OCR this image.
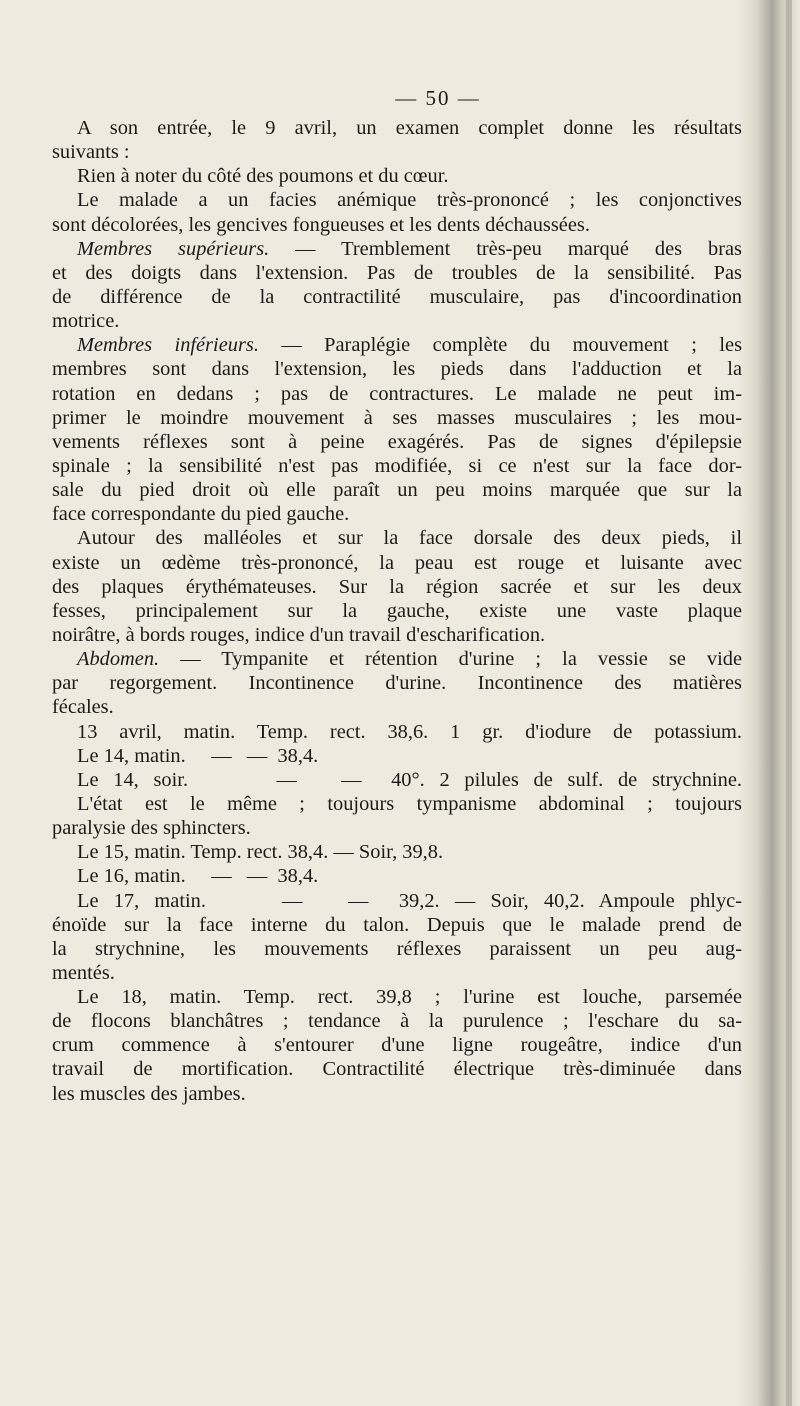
— 50 —
A son entrée, le 9 avril, un examen complet donne les résultats
suivants :
Rien à noter du côté des poumons et du cœur.
Le malade a un facies anémique très-prononcé ; les conjonctives
sont décolorées, les gencives fongueuses et les dents déchaussées.
Membres supérieurs. — Tremblement très-peu marqué des bras
et des doigts dans l'extension. Pas de troubles de la sensibilité. Pas
de différence de la contractilité musculaire, pas d'incoordination
motrice.
Membres inférieurs. — Paraplégie complète du mouvement ; les
membres sont dans l'extension, les pieds dans l'adduction et la
rotation en dedans ; pas de contractures. Le malade ne peut im-
primer le moindre mouvement à ses masses musculaires ; les mou-
vements réflexes sont à peine exagérés. Pas de signes d'épilepsie
spinale ; la sensibilité n'est pas modifiée, si ce n'est sur la face dor-
sale du pied droit où elle paraît un peu moins marquée que sur la
face correspondante du pied gauche.
Autour des malléoles et sur la face dorsale des deux pieds, il
existe un œdème très-prononcé, la peau est rouge et luisante avec
des plaques érythémateuses. Sur la région sacrée et sur les deux
fesses, principalement sur la gauche, existe une vaste plaque
noirâtre, à bords rouges, indice d'un travail d'escharification.
Abdomen. — Tympanite et rétention d'urine ; la vessie se vide
par regorgement. Incontinence d'urine. Incontinence des matières
fécales.
13 avril, matin. Temp. rect. 38,6. 1 gr. d'iodure de potassium.
Le 14, matin.     —   —  38,4.
Le 14, soir.      —   —  40°. 2 pilules de sulf. de strychnine.
L'état est le même ; toujours tympanisme abdominal ; toujours
paralysie des sphincters.
Le 15, matin. Temp. rect. 38,4. — Soir, 39,8.
Le 16, matin.     —   —  38,4.
Le 17, matin.     —   —  39,2. — Soir, 40,2. Ampoule phlyc-
énoïde sur la face interne du talon. Depuis que le malade prend de
la strychnine, les mouvements réflexes paraissent un peu aug-
mentés.
Le 18, matin. Temp. rect. 39,8 ; l'urine est louche, parsemée
de flocons blanchâtres ; tendance à la purulence ; l'eschare du sa-
crum commence à s'entourer d'une ligne rougeâtre, indice d'un
travail de mortification. Contractilité électrique très-diminuée dans
les muscles des jambes.
